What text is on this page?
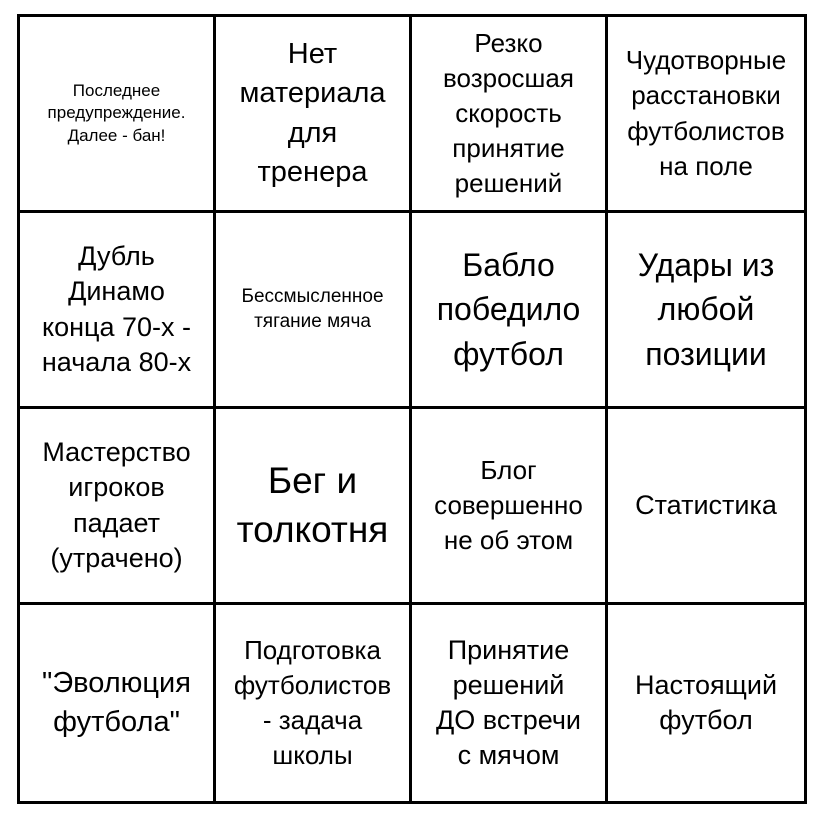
Последнее
предупреждение.
Далее - бан!
Нет
материала
для
тренера
Резко
возросшая
скорость
принятие
решений
Чудотворные
расстановки
футболистов
на поле
Дубль
Динамо
конца 70-х -
начала 80-х
Бессмысленное
тягание мяча
Бабло
победило
футбол
Удары из
любой
позиции
Мастерство
игроков
падает
(утрачено)
Бег и
толкотня
Блог
совершенно
не об этом
Статистика
"Эволюция
футбола"
Подготовка
футболистов
- задача
школы
Принятие
решений
ДО встречи
с мячом
Настоящий
футбол
